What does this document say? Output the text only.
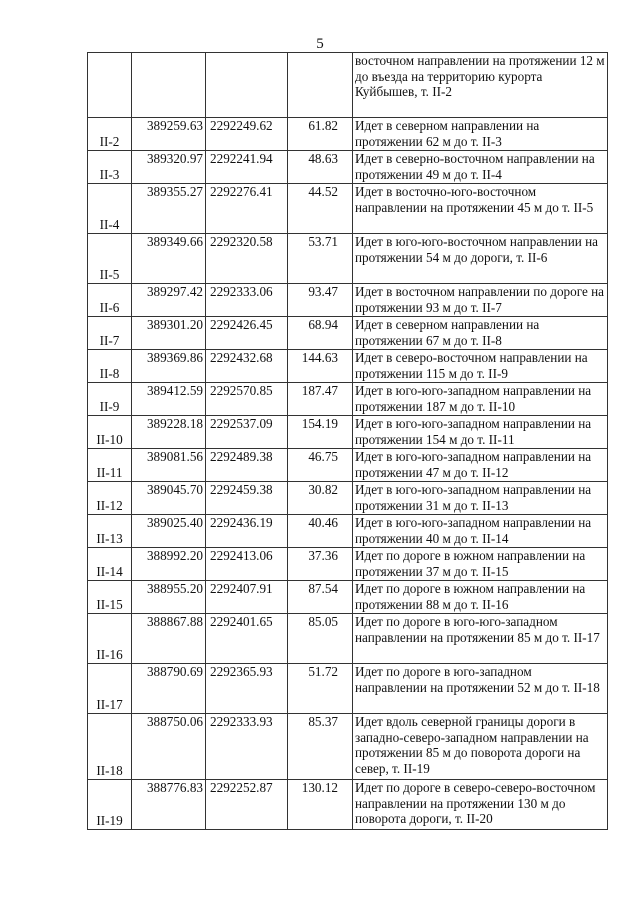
5
				восточном направлении на протяжении 12 м до въезда на территорию курорта Куйбышев, т. II-2
II-2	389259.63	2292249.62	61.82	Идет в северном направлении на протяжении 62 м до т. II-3
II-3	389320.97	2292241.94	48.63	Идет в северно-восточном направлении на протяжении 49 м до т. II-4
II-4	389355.27	2292276.41	44.52	Идет в восточно-юго-восточном направлении на протяжении 45 м до т. II-5
II-5	389349.66	2292320.58	53.71	Идет в юго-юго-восточном направлении на протяжении 54 м до дороги, т. II-6
II-6	389297.42	2292333.06	93.47	Идет в восточном направлении по дороге на протяжении 93 м до т. II-7
II-7	389301.20	2292426.45	68.94	Идет в северном направлении на протяжении 67 м до т. II-8
II-8	389369.86	2292432.68	144.63	Идет в северо-восточном направлении на протяжении 115 м до т. II-9
II-9	389412.59	2292570.85	187.47	Идет в юго-юго-западном направлении на протяжении 187 м до т. II-10
II-10	389228.18	2292537.09	154.19	Идет в юго-юго-западном направлении на протяжении 154 м до т. II-11
II-11	389081.56	2292489.38	46.75	Идет в юго-юго-западном направлении на протяжении 47 м до т. II-12
II-12	389045.70	2292459.38	30.82	Идет в юго-юго-западном направлении на протяжении 31 м до т. II-13
II-13	389025.40	2292436.19	40.46	Идет в юго-юго-западном направлении на протяжении 40 м до т. II-14
II-14	388992.20	2292413.06	37.36	Идет по дороге в южном направлении на протяжении 37 м до т. II-15
II-15	388955.20	2292407.91	87.54	Идет по дороге в южном направлении на протяжении 88 м до т. II-16
II-16	388867.88	2292401.65	85.05	Идет по дороге в юго-юго-западном направлении на протяжении 85 м до т. II-17
II-17	388790.69	2292365.93	51.72	Идет по дороге в юго-западном направлении на протяжении 52 м до т. II-18
II-18	388750.06	2292333.93	85.37	Идет вдоль северной границы дороги в западно-северо-западном направлении на протяжении 85 м до поворота дороги на север, т. II-19
II-19	388776.83	2292252.87	130.12	Идет по дороге в северо-северо-восточном направлении на протяжении 130 м до поворота дороги, т. II-20
